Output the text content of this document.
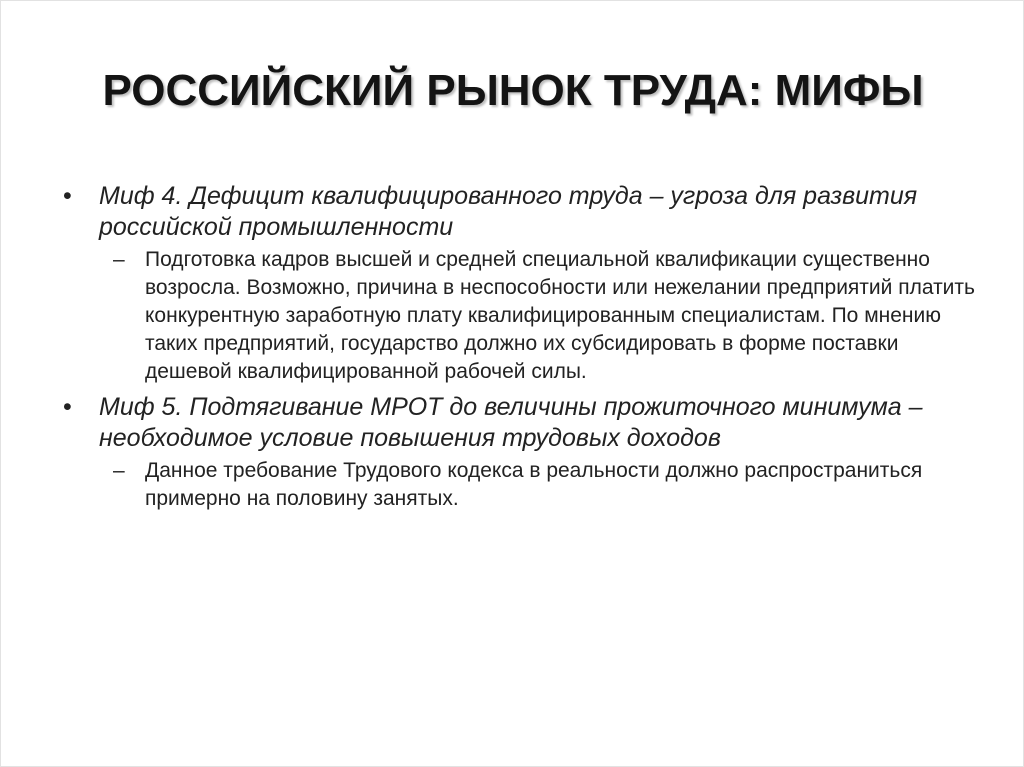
РОССИЙСКИЙ РЫНОК ТРУДА: МИФЫ
• Миф 4. Дефицит квалифицированного труда – угроза для развития российской промышленности
– Подготовка кадров высшей и средней специальной квалификации существенно возросла. Возможно, причина в неспособности или нежелании предприятий платить конкурентную заработную плату квалифицированным специалистам. По мнению таких предприятий, государство должно их субсидировать в форме поставки дешевой квалифицированной рабочей силы.
• Миф 5. Подтягивание МРОТ до величины прожиточного минимума – необходимое условие повышения трудовых доходов
– Данное требование Трудового кодекса в реальности должно распространиться примерно на половину занятых.
